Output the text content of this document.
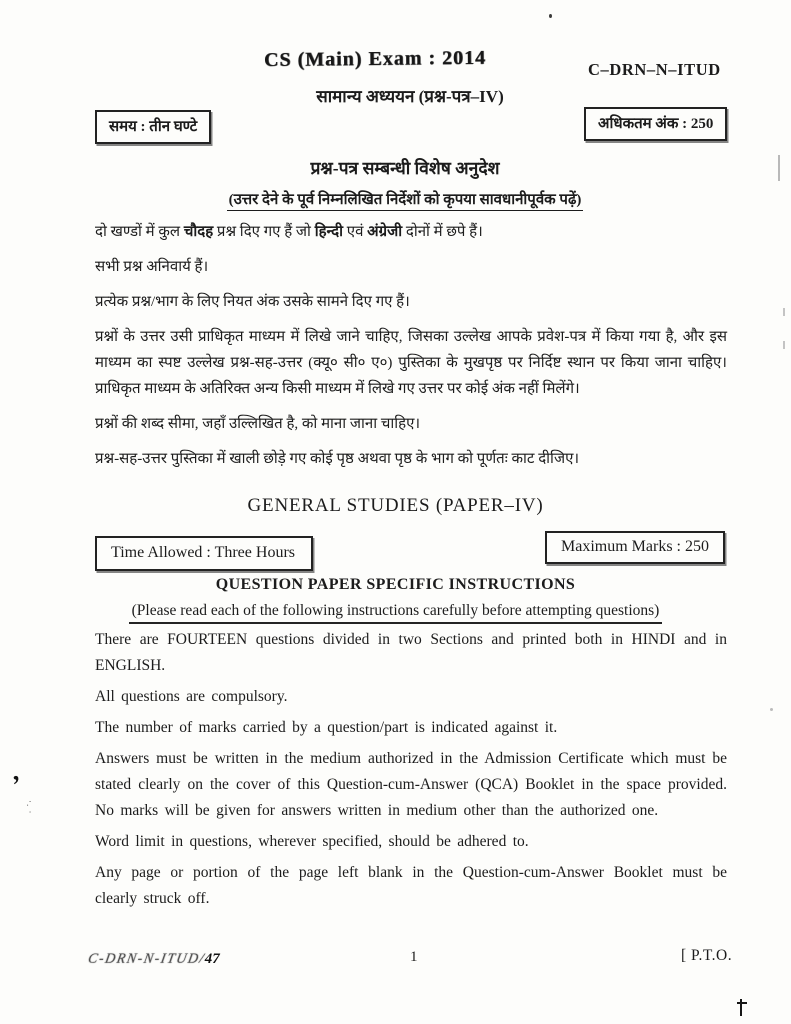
CS (Main) Exam : 2014	C–DRN–N–ITUD
सामान्य अध्ययन (प्रश्न-पत्र–IV)
समय : तीन घण्टे	अधिकतम अंक : 250
प्रश्न-पत्र सम्बन्धी विशेष अनुदेश
(उत्तर देने के पूर्व निम्नलिखित निर्देशों को कृपया सावधानीपूर्वक पढ़ें)

दो खण्डों में कुल चौदह प्रश्न दिए गए हैं जो हिन्दी एवं अंग्रेजी दोनों में छपे हैं।

सभी प्रश्न अनिवार्य हैं।

प्रत्येक प्रश्न/भाग के लिए नियत अंक उसके सामने दिए गए हैं।

प्रश्नों के उत्तर उसी प्राधिकृत माध्यम में लिखे जाने चाहिए, जिसका उल्लेख आपके प्रवेश-पत्र में किया गया है, और इस माध्यम का स्पष्ट उल्लेख प्रश्न-सह-उत्तर (क्यू० सी० ए०) पुस्तिका के मुखपृष्ठ पर निर्दिष्ट स्थान पर किया जाना चाहिए। प्राधिकृत माध्यम के अतिरिक्त अन्य किसी माध्यम में लिखे गए उत्तर पर कोई अंक नहीं मिलेंगे।

प्रश्नों की शब्द सीमा, जहाँ उल्लिखित है, को माना जाना चाहिए।

प्रश्न-सह-उत्तर पुस्तिका में खाली छोड़े गए कोई पृष्ठ अथवा पृष्ठ के भाग को पूर्णतः काट दीजिए।

GENERAL STUDIES (PAPER–IV)
Time Allowed : Three Hours	Maximum Marks : 250
QUESTION PAPER SPECIFIC INSTRUCTIONS
(Please read each of the following instructions carefully before attempting questions)

There are FOURTEEN questions divided in two Sections and printed both in HINDI and in ENGLISH.

All questions are compulsory.

The number of marks carried by a question/part is indicated against it.

Answers must be written in the medium authorized in the Admission Certificate which must be stated clearly on the cover of this Question-cum-Answer (QCA) Booklet in the space provided. No marks will be given for answers written in medium other than the authorized one.

Word limit in questions, wherever specified, should be adhered to.

Any page or portion of the page left blank in the Question-cum-Answer Booklet must be clearly struck off.

C-DRN-N-ITUD/47	1	[ P.T.O.
’
·. ·
